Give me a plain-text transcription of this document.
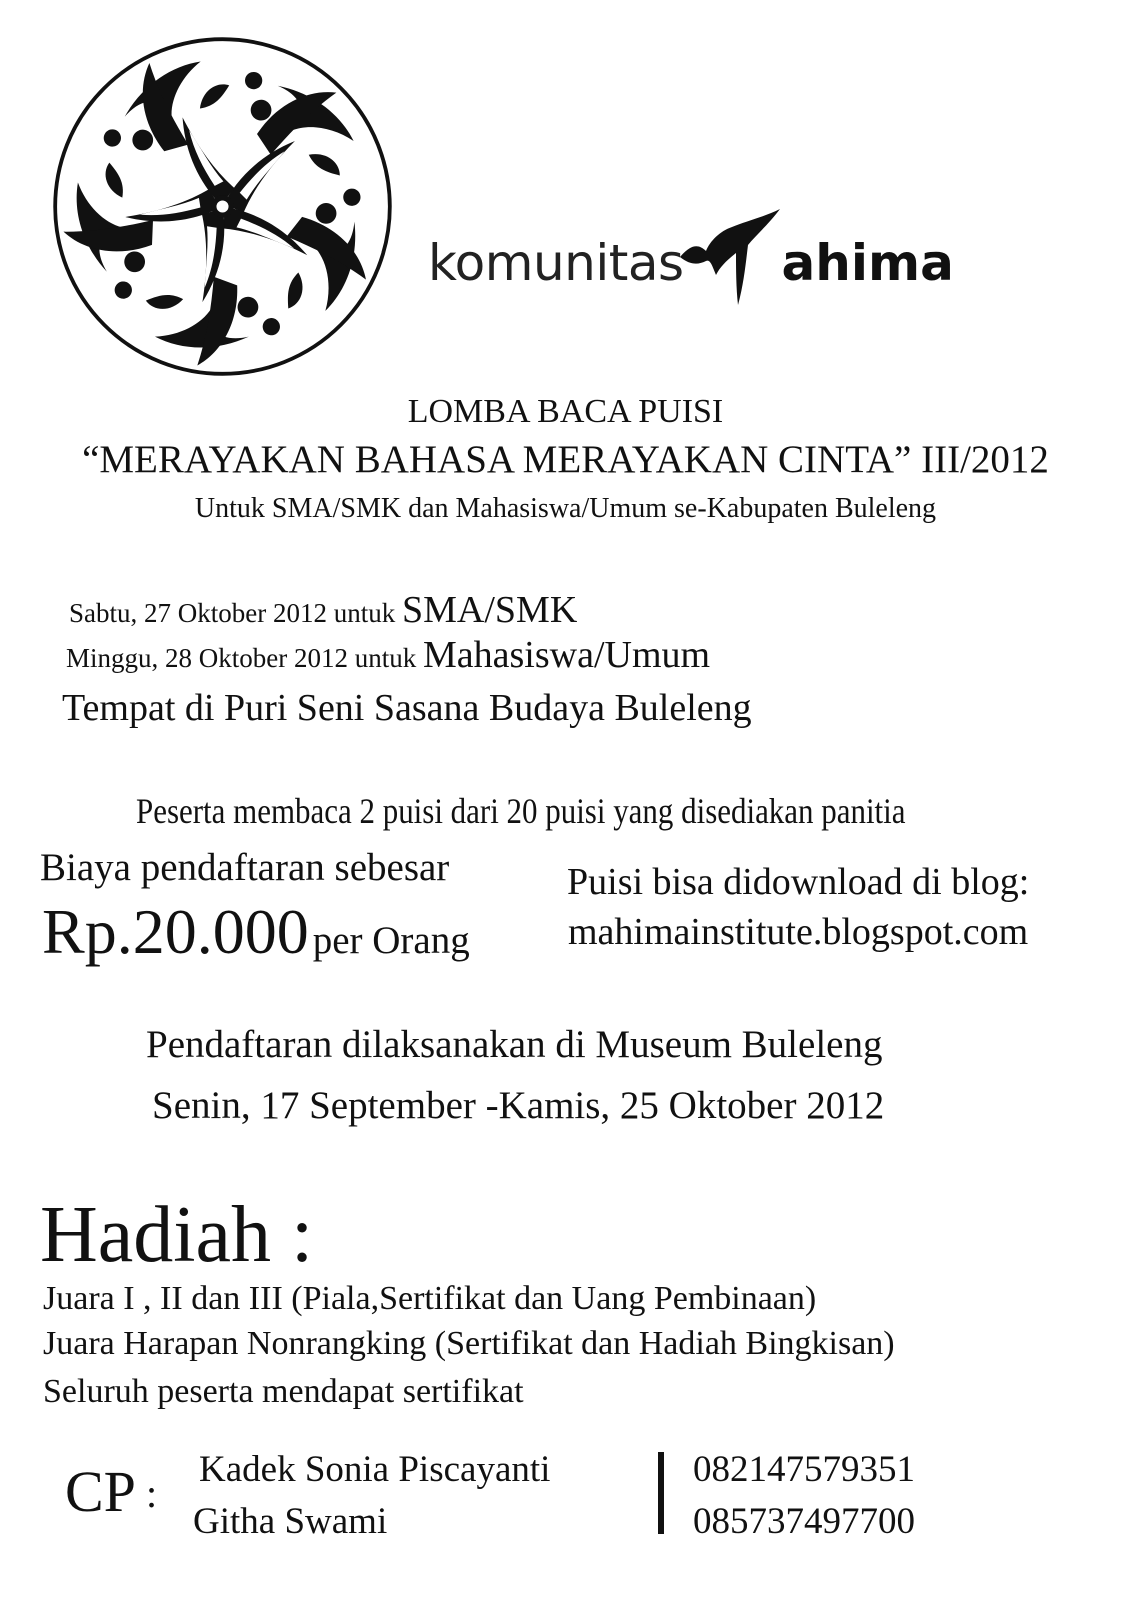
komunitas ahima
LOMBA BACA PUISI
“MERAYAKAN BAHASA MERAYAKAN CINTA” III/2012
Untuk SMA/SMK dan Mahasiswa/Umum se-Kabupaten Buleleng
Sabtu, 27 Oktober 2012 untuk SMA/SMK
Minggu, 28 Oktober 2012 untuk Mahasiswa/Umum
Tempat di Puri Seni Sasana Budaya Buleleng
Peserta membaca 2 puisi dari 20 puisi yang disediakan panitia
Biaya pendaftaran sebesar
Rp.20.000 per Orang
Puisi bisa didownload di blog:
mahimainstitute.blogspot.com
Pendaftaran dilaksanakan di Museum Buleleng
Senin, 17 September -Kamis, 25 Oktober 2012
Hadiah :
Juara I , II dan III (Piala,Sertifikat dan Uang Pembinaan)
Juara Harapan Nonrangking (Sertifikat dan Hadiah Bingkisan)
Seluruh peserta mendapat sertifikat
CP :
Kadek Sonia Piscayanti
Githa Swami
082147579351
085737497700
